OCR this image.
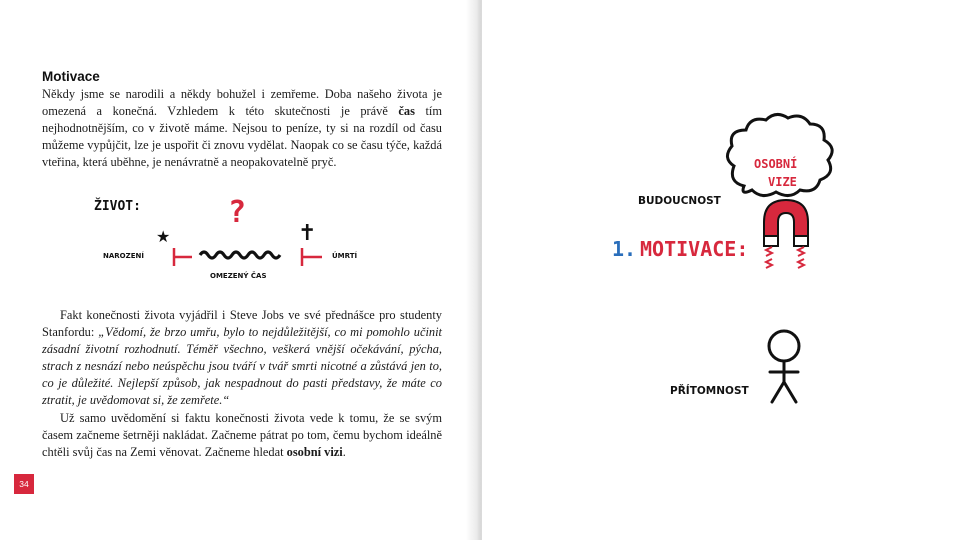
Motivace

Někdy jsme se narodili a někdy bohužel i zemřeme. Doba našeho života je omezená a konečná. Vzhledem k této skutečnosti je právě čas tím nejhodnotnějším, co v životě máme. Nejsou to peníze, ty si na rozdíl od času můžeme vypůjčit, lze je uspořit či znovu vydělat. Naopak co se času týče, každá vteřina, která uběhne, je nenávratně a neopakovatelně pryč.

ŽIVOT:	?
★	✝
NAROZENÍ	ÚMRTÍ
OMEZENÝ ČAS

Fakt konečnosti života vyjádřil i Steve Jobs ve své přednášce pro studenty Stanfordu: „Vědomí, že brzo umřu, bylo to nejdůležitější, co mi pomohlo učinit zásadní životní rozhodnutí. Téměř všechno, veškerá vnější očekávání, pýcha, strach z nesnází nebo neúspěchu jsou tváří v tvář smrti nicotné a zůstává jen to, co je důležité. Nejlepší způsob, jak nespadnout do pasti představy, že máte co ztratit, je uvědomovat si, že zemřete.“

Už samo uvědomění si faktu konečnosti života vede k tomu, že se svým časem začneme šetrněji nakládat. Začneme pátrat po tom, čemu bychom ideálně chtěli svůj čas na Zemi věnovat. Začneme hledat osobní vizi.

34
OSOBNÍ
VIZE
BUDOUCNOST
1. MOTIVACE:
PŘÍTOMNOST
